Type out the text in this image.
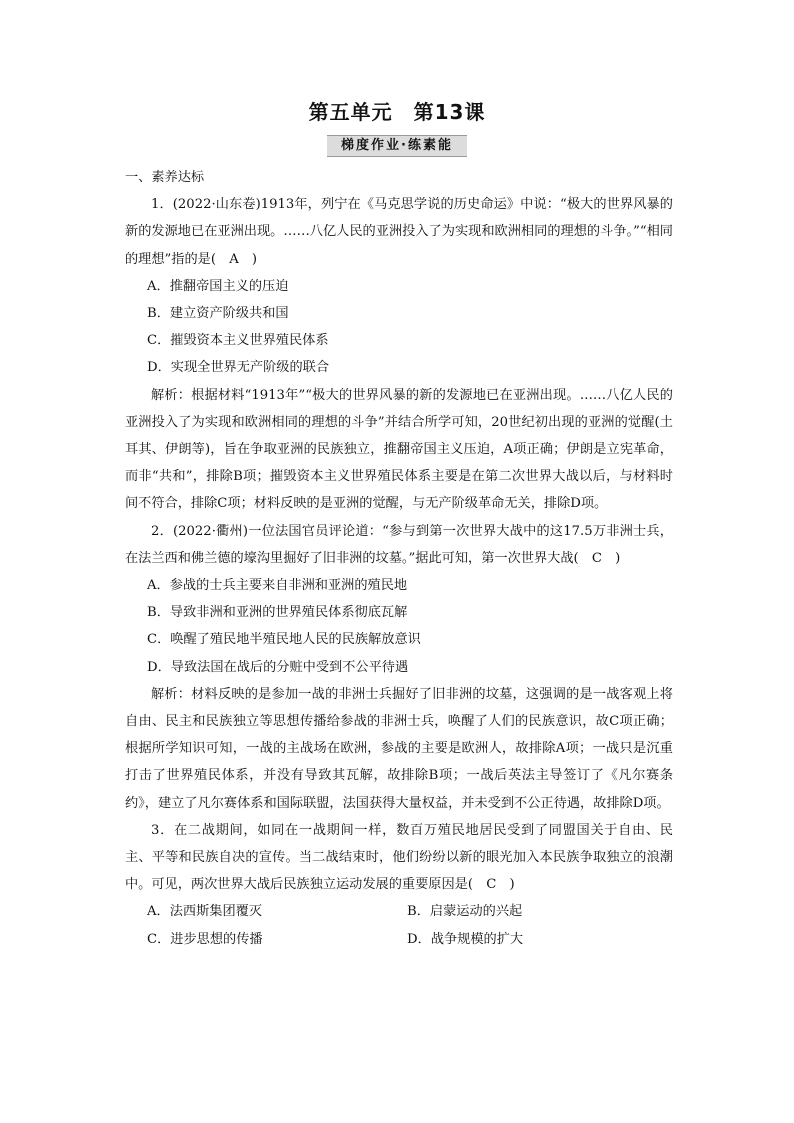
第五单元　第13课
梯度作业·练素能

一、素养达标

1．(2022·山东卷)1913年，列宁在《马克思学说的历史命运》中说：“极大的世界风暴的新的发源地已在亚洲出现。……八亿人民的亚洲投入了为实现和欧洲相同的理想的斗争。”“相同的理想”指的是(　A　)

A．推翻帝国主义的压迫

B．建立资产阶级共和国

C．摧毁资本主义世界殖民体系

D．实现全世界无产阶级的联合

解析：根据材料“1913年”“极大的世界风暴的新的发源地已在亚洲出现。……八亿人民的亚洲投入了为实现和欧洲相同的理想的斗争”并结合所学可知，20世纪初出现的亚洲的觉醒(土耳其、伊朗等)，旨在争取亚洲的民族独立，推翻帝国主义压迫，A项正确；伊朗是立宪革命，而非“共和”，排除B项；摧毁资本主义世界殖民体系主要是在第二次世界大战以后，与材料时间不符合，排除C项；材料反映的是亚洲的觉醒，与无产阶级革命无关，排除D项。

2．(2022·衢州)一位法国官员评论道：“参与到第一次世界大战中的这17.5万非洲士兵，在法兰西和佛兰德的壕沟里掘好了旧非洲的坟墓。”据此可知，第一次世界大战(　C　)

A．参战的士兵主要来自非洲和亚洲的殖民地

B．导致非洲和亚洲的世界殖民体系彻底瓦解

C．唤醒了殖民地半殖民地人民的民族解放意识

D．导致法国在战后的分赃中受到不公平待遇

解析：材料反映的是参加一战的非洲士兵掘好了旧非洲的坟墓，这强调的是一战客观上将自由、民主和民族独立等思想传播给参战的非洲士兵，唤醒了人们的民族意识，故C项正确；根据所学知识可知，一战的主战场在欧洲，参战的主要是欧洲人，故排除A项；一战只是沉重打击了世界殖民体系，并没有导致其瓦解，故排除B项；一战后英法主导签订了《凡尔赛条约》，建立了凡尔赛体系和国际联盟，法国获得大量权益，并未受到不公正待遇，故排除D项。

3．在二战期间，如同在一战期间一样，数百万殖民地居民受到了同盟国关于自由、民主、平等和民族自决的宣传。当二战结束时，他们纷纷以新的眼光加入本民族争取独立的浪潮中。可见，两次世界大战后民族独立运动发展的重要原因是(　C　)

A．法西斯集团覆灭	B．启蒙运动的兴起
C．进步思想的传播	D．战争规模的扩大
